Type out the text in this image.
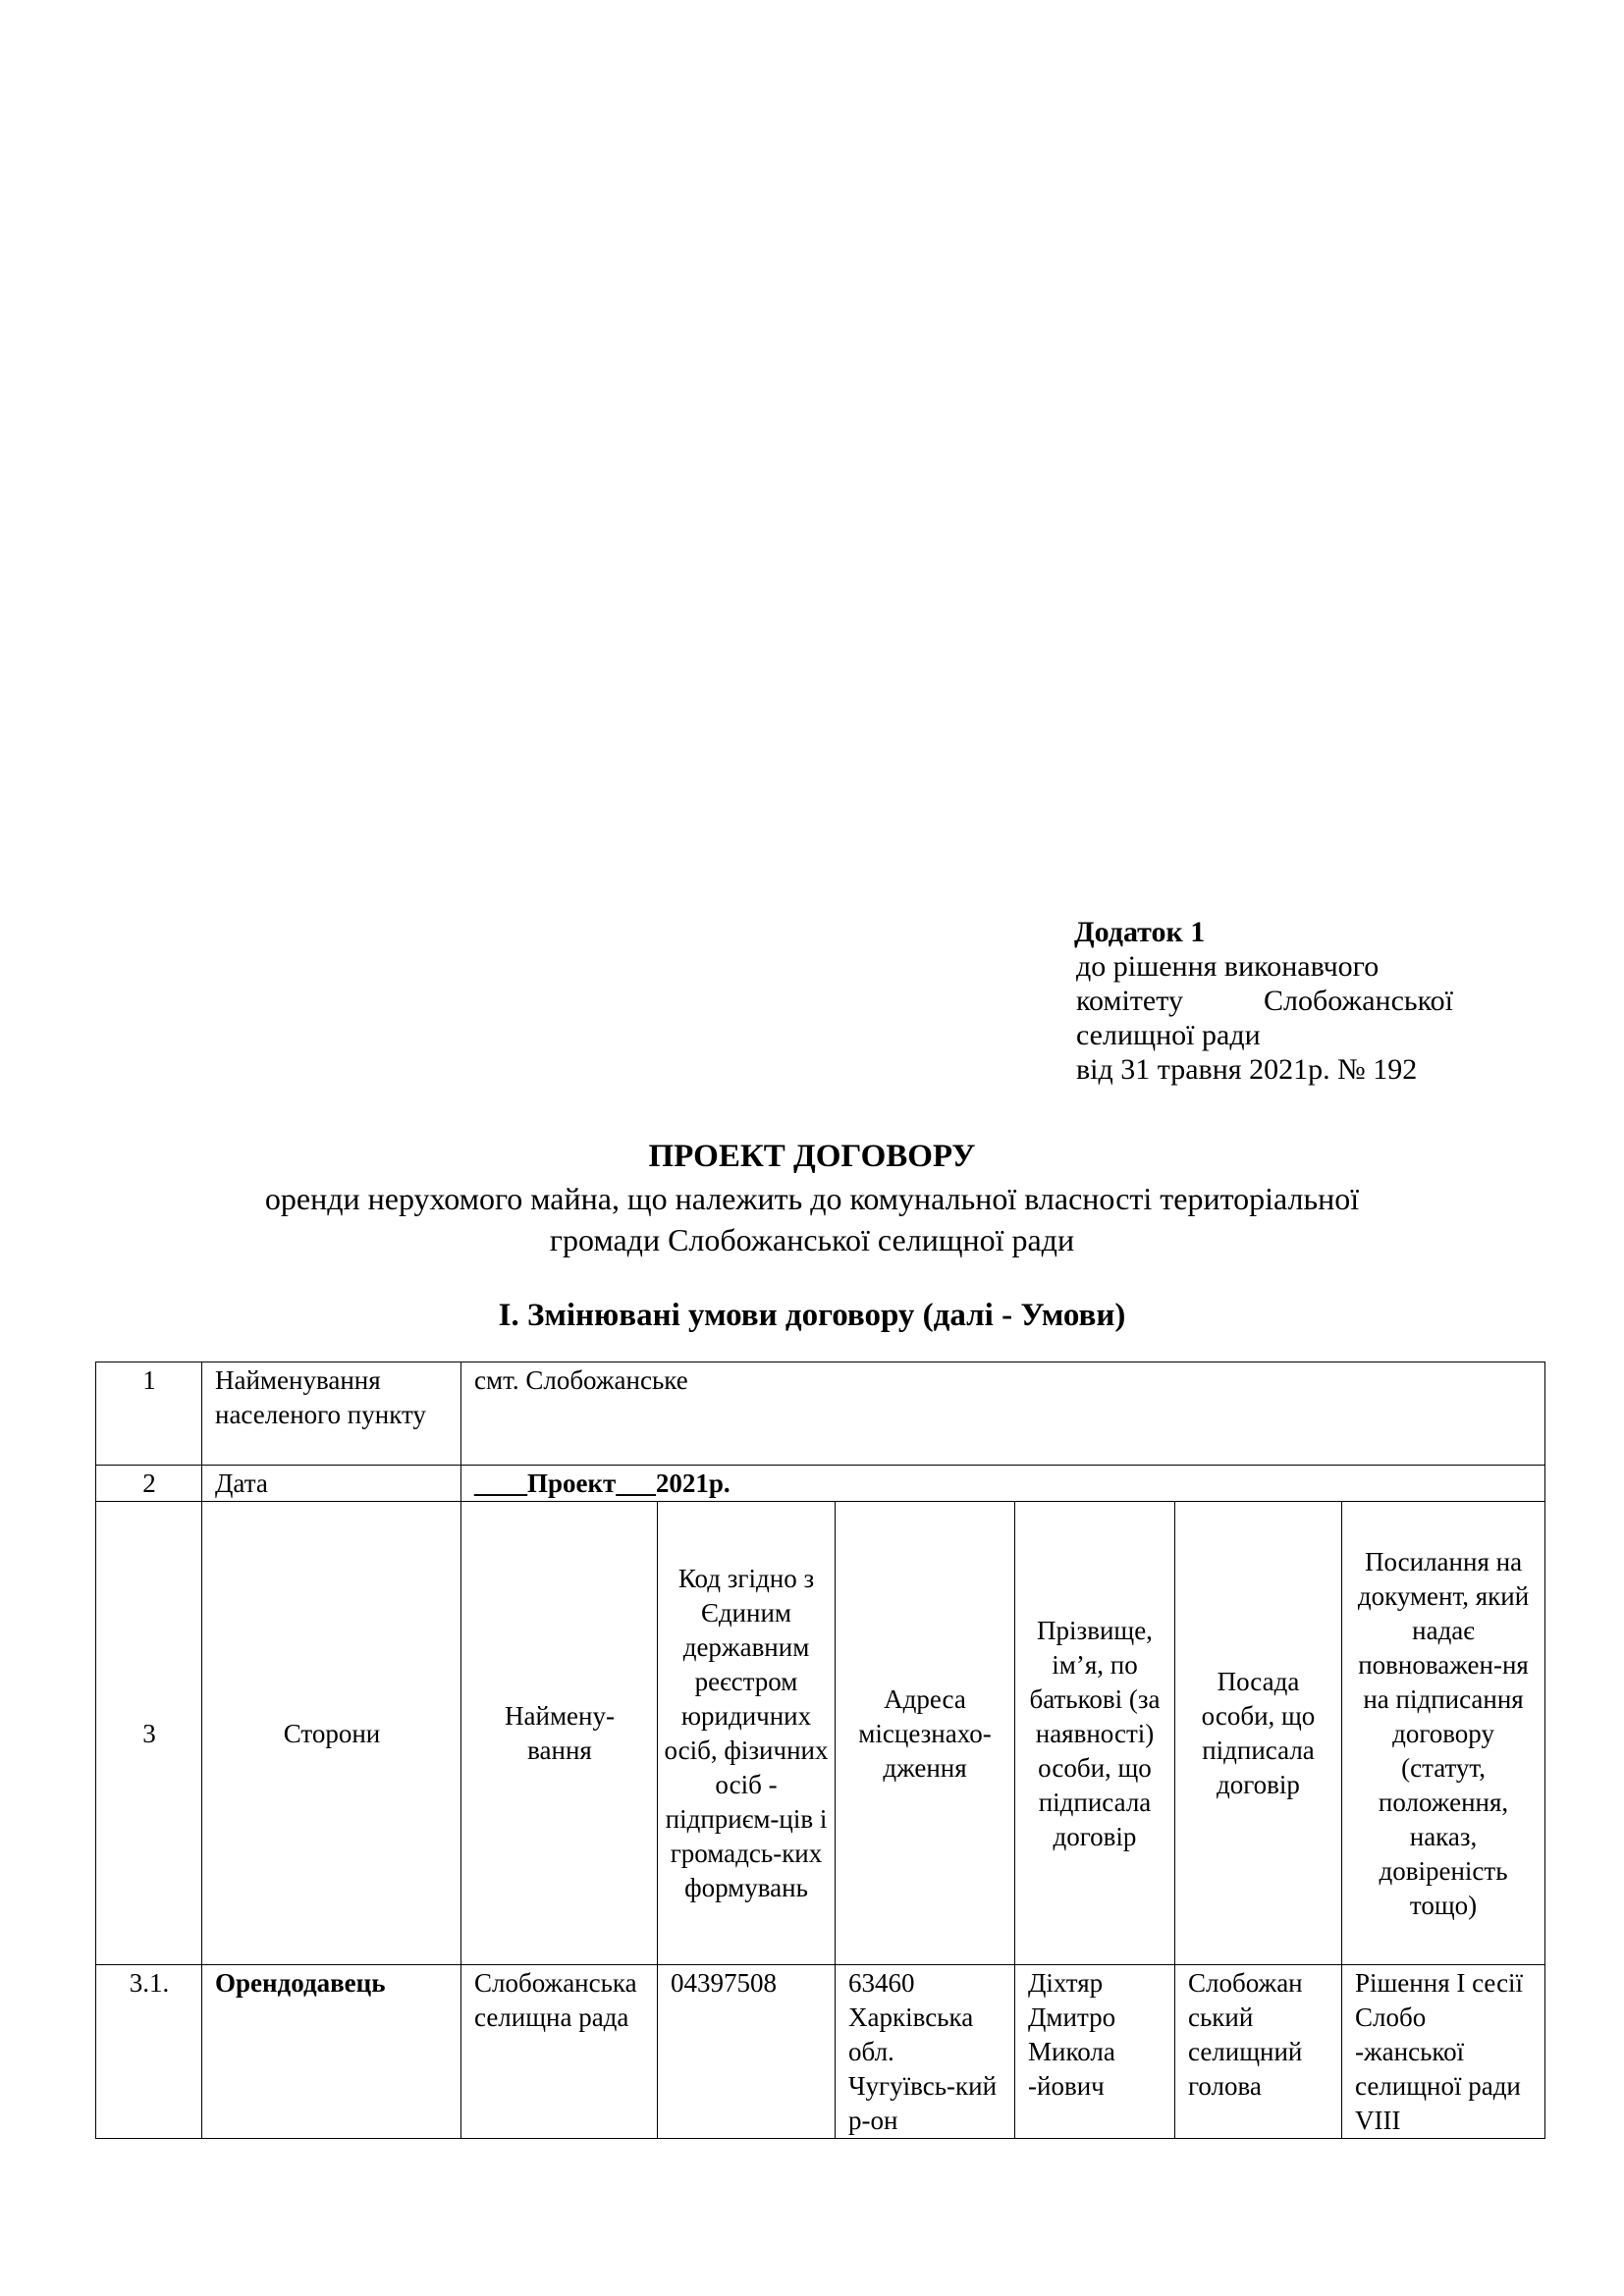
Додаток 1
до рішення виконавчого
комітету	Слобожанської
селищної ради
від 31 травня 2021р. № 192
ПРОЕКТ ДОГОВОРУ
оренди нерухомого майна, що належить до комунальної власності територіальної
громади Слобожанської селищної ради
І. Змінювані умови договору (далі - Умови)
1	Найменування населеного пункту	смт. Слобожанське					
2	Дата	____Проект___2021р.					
3	Сторони	Наймену-вання	Код згідно з Єдиним державним реєстром юридичних осіб, фізичних осіб - підприєм-ців і громадсь-ких формувань	Адреса місцезнахо-дження	Прізвище, ім’я, по батькові (за наявності) особи, що підписала договір	Посада особи, що підписала договір	Посилання на документ, який надає повноважен-ня на підписання договору (статут, положення, наказ, довіреність тощо)
3.1.	Орендодавець	Слобожанська селищна рада	04397508	63460 Харківська обл. Чугуївсь-кий р-он	Діхтяр Дмитро Микола -йович	Слобожан ський селищний голова	Рішення І сесії Слобо -жанської селищної ради VIII
